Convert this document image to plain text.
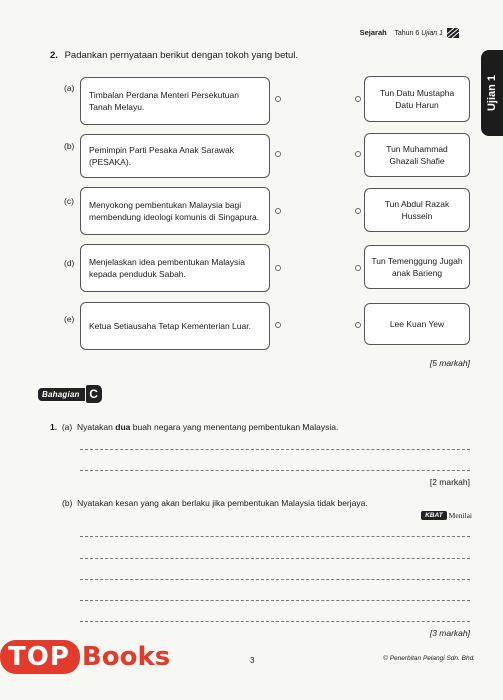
Sejarah Tahun 6 Ujian 1
Ujian 1
2. Padankan pernyataan berikut dengan tokoh yang betul.
(a)
Timbalan Perdana Menteri Persekutuan Tanah Melayu.
Tun Datu Mustapha Datu Harun
(b) Pemimpin Parti Pesaka Anak Sarawak (PESAKA).
Tun Muhammad Ghazali Shafie
(c) Menyokong pembentukan Malaysia bagi membendung ideologi komunis di Singapura.
Tun Abdul Razak Hussein
(d) Menjelaskan idea pembentukan Malaysia kepada penduduk Sabah.
Tun Temenggung Jugah anak Barieng
(e)
Ketua Setiausaha Tetap Kementerian Luar.	Lee Kuan Yew
[5 markah]
Bahagian C
1. (a) Nyatakan dua buah negara yang menentang pembentukan Malaysia.
[2 markah]
(b) Nyatakan kesan yang akan berlaku jika pembentukan Malaysia tidak berjaya.
KBAT Menilai
[3 markah]
3	© Penerbitan Pelangi Sdn. Bhd.
TOP Books
